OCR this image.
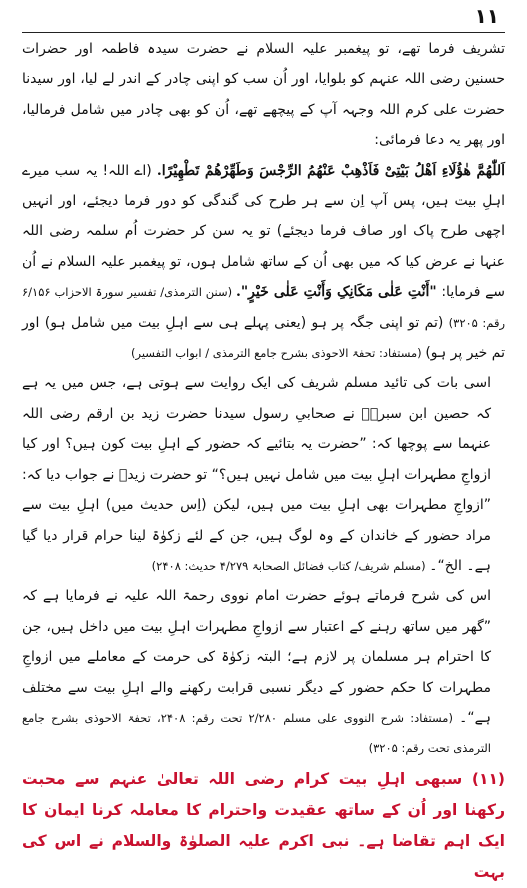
١١

تشریف فرما تھے، تو پیغمبر علیہ السلام نے حضرت سیدہ فاطمہ اور حضرات حسنین رضی اللہ عنہم کو بلوایا، اور اُن سب کو اپنی چادر کے اندر لے لیا، اور سیدنا حضرت علی کرم اللہ وجہہ آپ کے پیچھے تھے، اُن کو بھی چادر میں شامل فرمالیا، اور پھر یہ دعا فرمائی:

اَللّٰھُمَّ ھٰؤُلَاءِ اَھْلُ بَیْتِیْ فَاَذْھِبْ عَنْھُمُ الرِّجْسَ وَطَھِّرْھُمْ تَطْھِیْرًا. (اے اللہ! یہ سب میرے اہلِ بیت ہیں، پس آپ اِن سے ہر طرح کی گندگی کو دور فرما دیجئے، اور انہیں اچھی طرح پاک اور صاف فرما دیجئے) تو یہ سن کر حضرت اُم سلمہ رضی اللہ عنہا نے عرض کیا کہ میں بھی اُن کے ساتھ شامل ہوں، تو پیغمبر علیہ السلام نے اُن سے فرمایا: "أَنْتِ عَلٰی مَکَانِکِ وَأَنْتِ عَلٰی خَیْرٍ". (سنن الترمذی/ تفسیر سورۃ الاحزاب ۶/۱۵۶ رقم: ۳۲۰۵) (تم تو اپنی جگہ پر ہو (یعنی پہلے ہی سے اہلِ بیت میں شامل ہو) اور تم خیر پر ہو) (مستفاد: تحفۃ الاحوذی بشرح جامع الترمذی / ابواب التفسیر)

اسی بات کی تائید مسلم شریف کی ایک روایت سے ہوتی ہے، جس میں یہ ہے کہ حصین ابن سبرہؒ نے صحابیِ رسول سیدنا حضرت زید بن ارقم رضی اللہ عنہما سے پوچھا کہ: ”حضرت یہ بتائیے کہ حضور کے اہلِ بیت کون ہیں؟ اور کیا ازواجِ مطہرات اہلِ بیت میں شامل نہیں ہیں؟“ تو حضرت زیدؓ نے جواب دیا کہ: ”ازواجِ مطہرات بھی اہلِ بیت میں ہیں، لیکن (اِس حدیث میں) اہلِ بیت سے مراد حضور کے خاندان کے وہ لوگ ہیں، جن کے لئے زکوٰۃ لینا حرام قرار دیا گیا ہے۔ الخ“۔ (مسلم شریف/ کتاب فضائل الصحابۃ ۴/۲۷۹ حدیث: ۲۴۰۸)

اس کی شرح فرماتے ہوئے حضرت امام نووی رحمۃ اللہ علیہ نے فرمایا ہے کہ ”گھر میں ساتھ رہنے کے اعتبار سے ازواجِ مطہرات اہلِ بیت میں داخل ہیں، جن کا احترام ہر مسلمان پر لازم ہے؛ البتہ زکوٰۃ کی حرمت کے معاملے میں ازواجِ مطہرات کا حکم حضور کے دیگر نسبی قرابت رکھنے والے اہلِ بیت سے مختلف ہے“۔ (مستفاد: شرح النووی علی مسلم ۲/۲۸۰ تحت رقم: ۲۴۰۸، تحفۃ الاحوذی بشرح جامع الترمذی تحت رقم: ۳۲۰۵)

(۱۱) سبھی اہلِ بیت کرام رضی اللہ تعالیٰ عنہم سے محبت رکھنا اور اُن کے ساتھ عقیدت واحترام کا معاملہ کرنا ایمان کا ایک اہم تقاضا ہے۔ نبی اکرم علیہ الصلوٰۃ والسلام نے اس کی بہت
